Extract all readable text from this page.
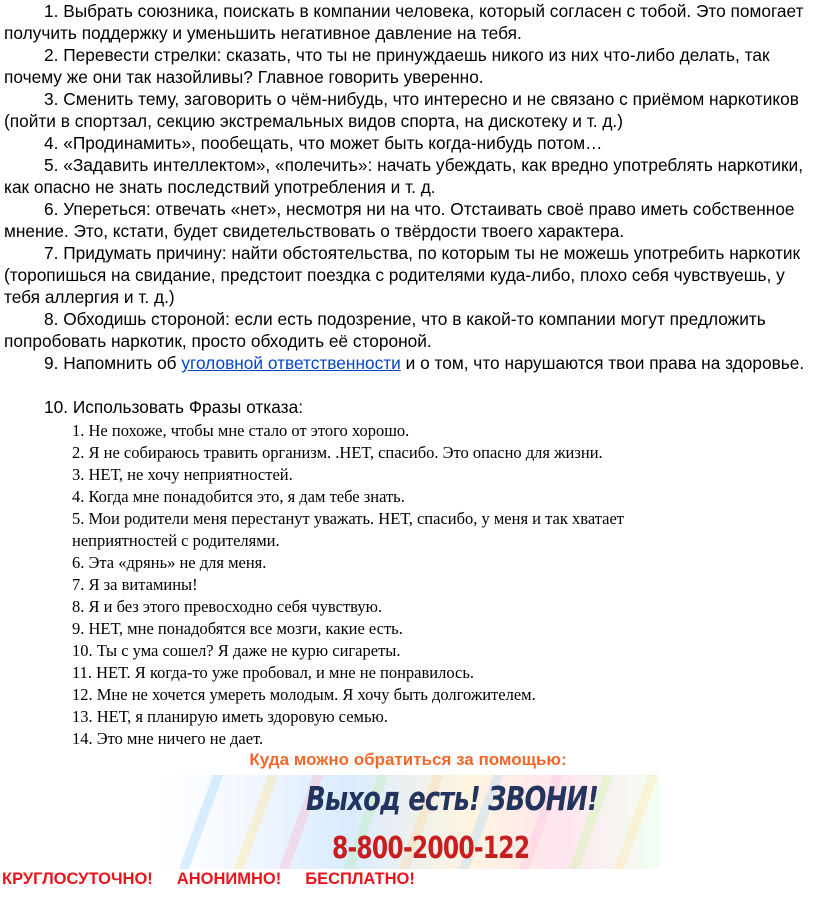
1. Выбрать союзника, поискать в компании человека, который согласен с тобой. Это помогает получить поддержку и уменьшить негативное давление на тебя.
2. Перевести стрелки: сказать, что ты не принуждаешь никого из них что-либо делать, так почему же они так назойливы? Главное говорить уверенно.
3. Сменить тему, заговорить о чём-нибудь, что интересно и не связано с приёмом наркотиков (пойти в спортзал, секцию экстремальных видов спорта, на дискотеку и т. д.)
4. «Продинамить», пообещать, что может быть когда-нибудь потом…
5. «Задавить интеллектом», «полечить»: начать убеждать, как вредно употреблять наркотики, как опасно не знать последствий употребления и т. д.
6. Упереться: отвечать «нет», несмотря ни на что. Отстаивать своё право иметь собственное мнение. Это, кстати, будет свидетельствовать о твёрдости твоего характера.
7. Придумать причину: найти обстоятельства, по которым ты не можешь употребить наркотик (торопишься на свидание, предстоит поездка с родителями куда-либо, плохо себя чувствуешь, у тебя аллергия и т. д.)
8. Обходишь стороной: если есть подозрение, что в какой-то компании могут предложить попробовать наркотик, просто обходить её стороной.
9. Напомнить об уголовной ответственности и о том, что нарушаются твои права на здоровье.
10. Использовать Фразы отказа:
1. Не похоже, чтобы мне стало от этого хорошо.
2. Я не собираюсь травить организм. .НЕТ, спасибо. Это опасно для жизни.
3. НЕТ, не хочу неприятностей.
4. Когда мне понадобится это, я дам тебе знать.
5. Мои родители меня перестанут уважать. НЕТ, спасибо, у меня и так хватает
неприятностей с родителями.
6. Эта «дрянь» не для меня.
7. Я за витамины!
8. Я и без этого превосходно себя чувствую.
9. НЕТ, мне понадобятся все мозги, какие есть.
10. Ты с ума сошел? Я даже не курю сигареты.
11. НЕТ. Я когда-то уже пробовал, и мне не понравилось.
12. Мне не хочется умереть молодым. Я хочу быть долгожителем.
13. НЕТ, я планирую иметь здоровую семью.
14. Это мне ничего не дает.
Куда можно обратиться за помощью:
Выход есть! ЗВОНИ!
8-800-2000-122
КРУГЛОСУТОЧНО! АНОНИМНО! БЕСПЛАТНО!
